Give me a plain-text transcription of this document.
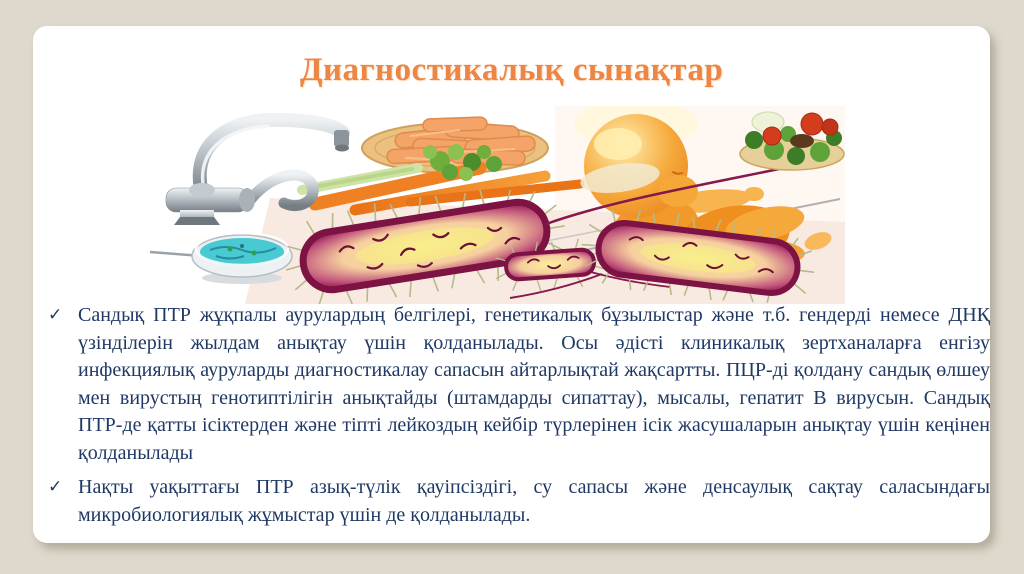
Диагностикалық сынақтар
✓ Сандық ПТР жұқпалы аурулардың белгілері, генетикалық бұзылыстар және т.б. гендерді немесе ДНҚ үзінділерін жылдам анықтау үшін қолданылады. Осы әдісті клиникалық зертханаларға енгізу инфекциялық ауруларды диагностикалау сапасын айтарлықтай жақсартты. ПЦР-ді қолдану сандық өлшеу мен вирустың генотиптілігін анықтайды (штамдарды сипаттау), мысалы, гепатит В вирусын. Сандық ПТР-де қатты ісіктерден және тіпті лейкоздың кейбір түрлерінен ісік жасушаларын анықтау үшін кеңінен қолданылады
✓ Нақты уақыттағы ПТР азық-түлік қауіпсіздігі, су сапасы және денсаулық сақтау саласындағы микробиологиялық жұмыстар үшін де қолданылады.
